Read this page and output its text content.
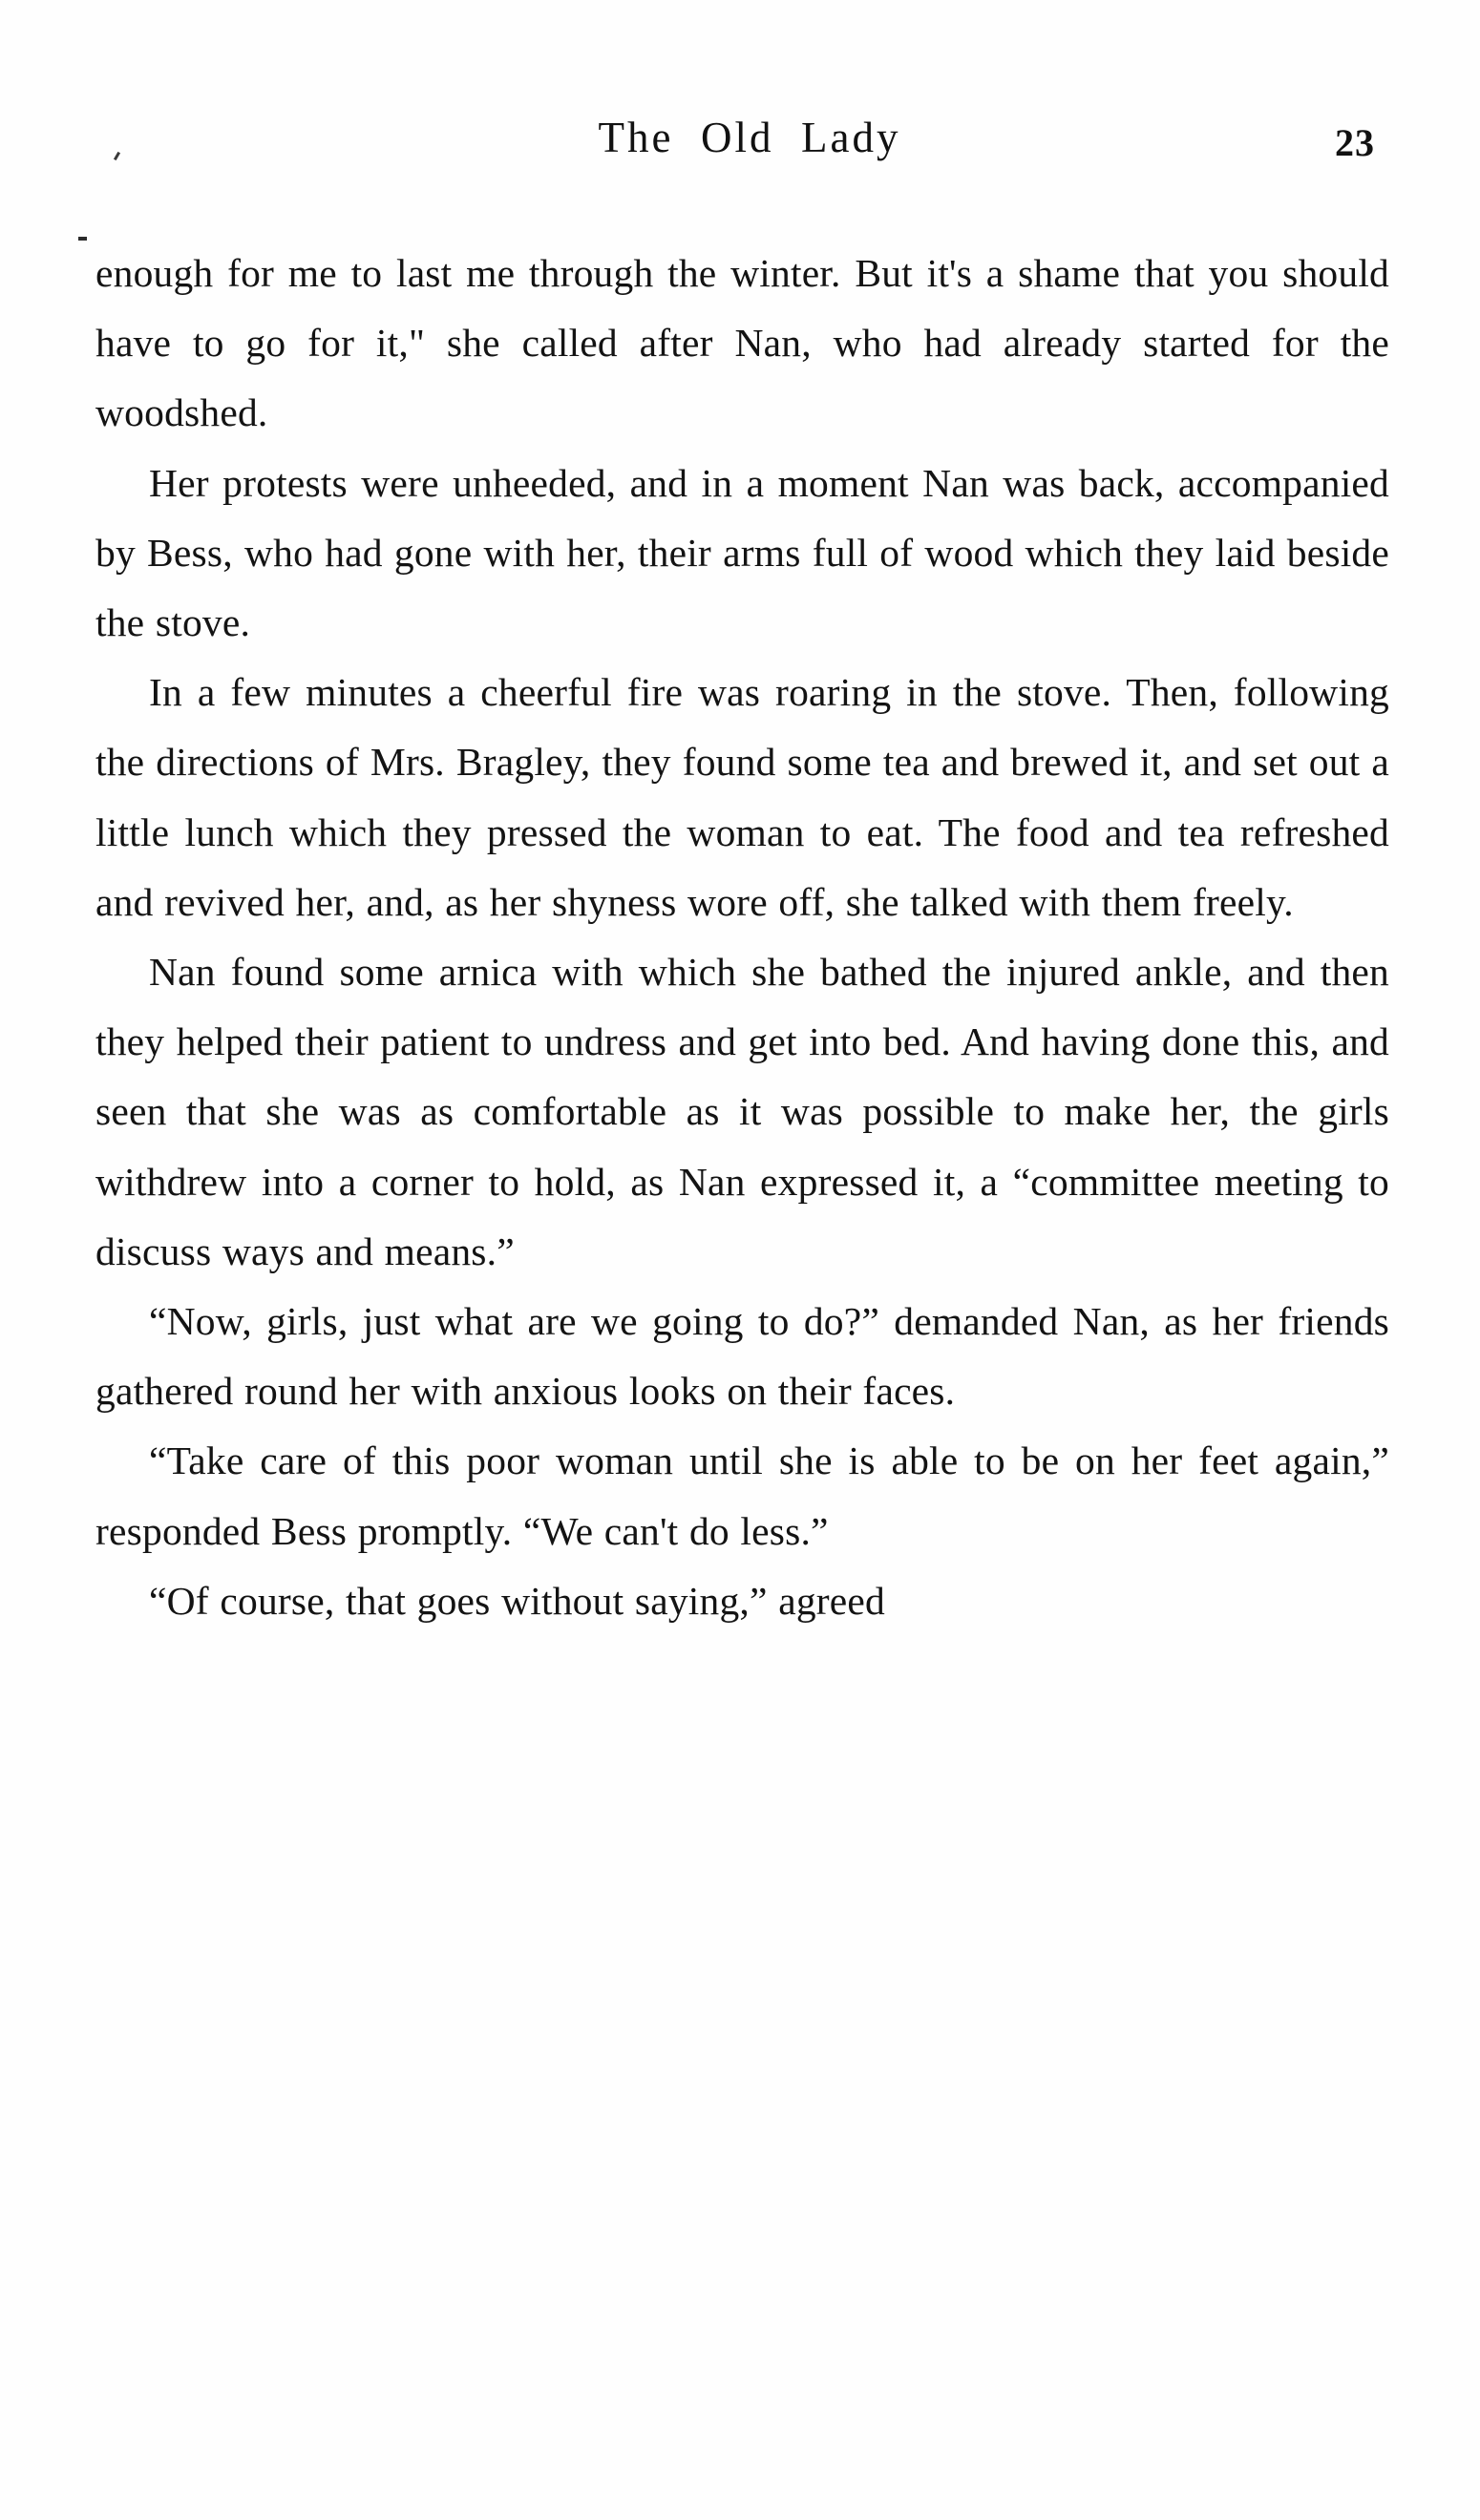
The  Old  Lady	23

enough for me to last me through the winter. But it's a shame that you should have to go for it," she called after Nan, who had already started for the woodshed.

Her protests were unheeded, and in a moment Nan was back, accompanied by Bess, who had gone with her, their arms full of wood which they laid beside the stove.

In a few minutes a cheerful fire was roaring in the stove. Then, following the directions of Mrs. Bragley, they found some tea and brewed it, and set out a little lunch which they pressed the woman to eat. The food and tea refreshed and revived her, and, as her shyness wore off, she talked with them freely.

Nan found some arnica with which she bathed the injured ankle, and then they helped their patient to undress and get into bed. And having done this, and seen that she was as comfortable as it was possible to make her, the girls withdrew into a corner to hold, as Nan expressed it, a “committee meeting to discuss ways and means.”

“Now, girls, just what are we going to do?” demanded Nan, as her friends gathered round her with anxious looks on their faces.

“Take care of this poor woman until she is able to be on her feet again,” responded Bess promptly. “We can't do less.”

“Of course, that goes without saying,” agreed
